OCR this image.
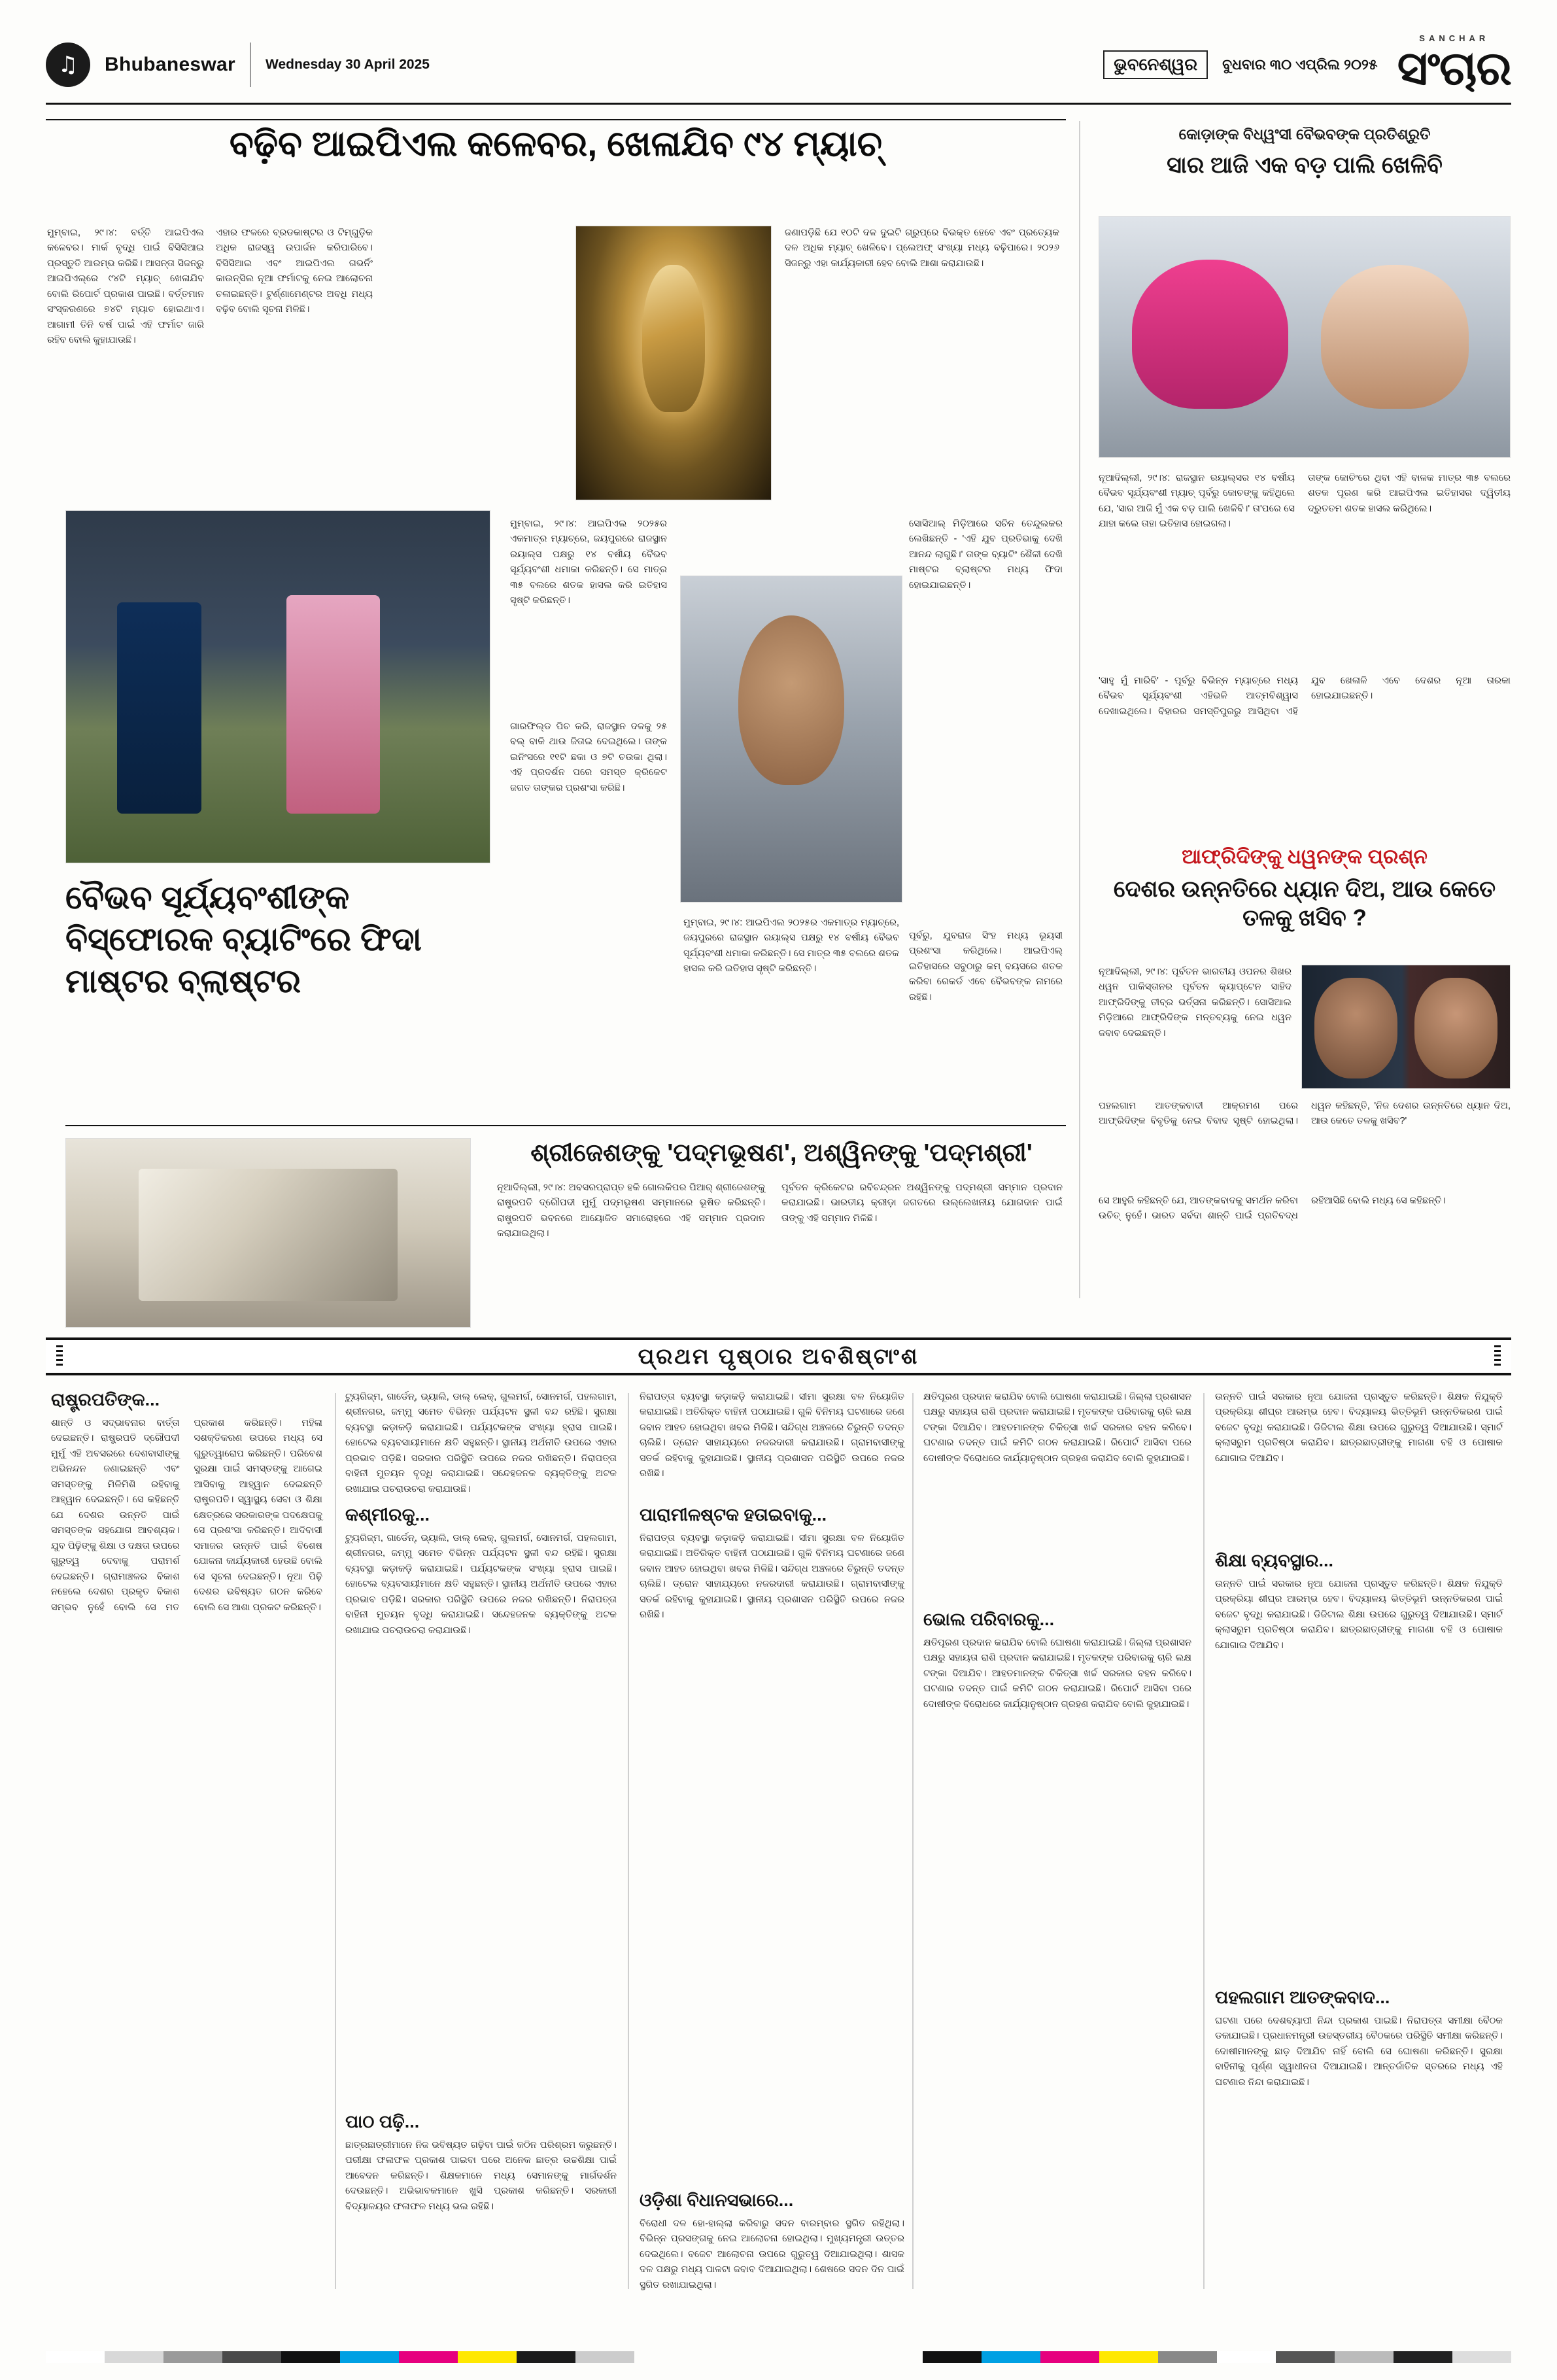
♫	Bhubaneswar	Wednesday 30 April 2025	ଭୁବନେଶ୍ୱର	ବୁଧବାର ୩୦ ଏପ୍ରିଲ ୨୦୨୫
SANCHAR
ସଂଚାର
ବଢ଼ିବ ଆଇପିଏଲ କଳେବର, ଖେଳାଯିବ ୯୪ ମ୍ୟାଚ୍
ମୁମ୍ବାଇ, ୨୯।୪: ବର୍ତ୍ତି ଆଇପିଏଲ କଳେବର। ମାର୍କ ବୃଦ୍ଧି ପାଇଁ ବିସିସିଆଇ ପ୍ରସ୍ତୁତି ଆରମ୍ଭ କରିଛି। ଆସନ୍ତା ସିଜନ୍‌ରୁ ଆଇପିଏଲ୍‌ରେ ୯୪ଟି ମ୍ୟାଚ୍ ଖେଳାଯିବ ବୋଲି ରିପୋର୍ଟ ପ୍ରକାଶ ପାଇଛି। ବର୍ତ୍ତମାନ ସଂସ୍କରଣରେ ୭୪ଟି ମ୍ୟାଚ ହୋଇଥାଏ। ଆଗାମୀ ତିନି ବର୍ଷ ପାଇଁ ଏହି ଫର୍ମାଟ ଜାରି ରହିବ ବୋଲି କୁହାଯାଉଛି।
ଏହାର ଫଳରେ ବ୍ରଡକାଷ୍ଟର ଓ ଟିମ୍‌ଗୁଡ଼ିକ ଅଧିକ ରାଜସ୍ୱ ଉପାର୍ଜନ କରିପାରିବେ। ବିସିସିଆଇ ଏବଂ ଆଇପିଏଲ ଗଭର୍ନିଂ କାଉନ୍ସିଲ ନୂଆ ଫର୍ମାଟକୁ ନେଇ ଆଲୋଚନା ଚଳାଇଛନ୍ତି। ଟୁର୍ଣ୍ଣାମେଣ୍ଟର ଅବଧି ମଧ୍ୟ ବଢ଼ିବ ବୋଲି ସୂଚନା ମିଳିଛି।
ଜଣାପଡ଼ିଛି ଯେ ୧୦ଟି ଦଳ ଦୁଇଟି ଗ୍ରୁପ୍‌ରେ ବିଭକ୍ତ ହେବେ ଏବଂ ପ୍ରତ୍ୟେକ ଦଳ ଅଧିକ ମ୍ୟାଚ୍ ଖେଳିବେ। ପ୍ଲେଅଫ୍ ସଂଖ୍ୟା ମଧ୍ୟ ବଢ଼ିପାରେ। ୨୦୨୬ ସିଜନ୍‌ରୁ ଏହା କାର୍ଯ୍ୟକାରୀ ହେବ ବୋଲି ଆଶା କରାଯାଉଛି।
ବୈଭବ ସୂର୍ଯ୍ୟବଂଶୀଙ୍କ ବିସ୍ଫୋରକ ବ୍ୟାଟିଂରେ ଫିଦା ମାଷ୍ଟର ବ୍ଲାଷ୍ଟର
ମୁମ୍ବାଇ, ୨୯।୪: ଆଇପିଏଲ ୨୦୨୫ର ଏକମାତ୍ର ମ୍ୟାଚ୍‌ରେ, ଜୟପୁରରେ ରାଜସ୍ଥାନ ରୟାଲ୍ସ ପକ୍ଷରୁ ୧୪ ବର୍ଷୀୟ ବୈଭବ ସୂର୍ଯ୍ୟବଂଶୀ ଧମାକା କରିଛନ୍ତି। ସେ ମାତ୍ର ୩୫ ବଲରେ ଶତକ ହାସଲ କରି ଇତିହାସ ସୃଷ୍ଟି କରିଛନ୍ତି।
ଗାରଫିଲ୍ଡ ପିଚ କରି, ରାଜସ୍ଥାନ ଦଳକୁ ୨୫ ବଲ୍ ବାକି ଥାଉ ଜିତାଇ ଦେଇଥିଲେ। ତାଙ୍କ ଇନିଂସରେ ୧୧ଟି ଛକା ଓ ୭ଟି ଚଉକା ଥିଲା। ଏହି ପ୍ରଦର୍ଶନ ପରେ ସମସ୍ତ କ୍ରିକେଟ ଜଗତ ତାଙ୍କର ପ୍ରଶଂସା କରିଛି।
ସୋସିଆଲ୍ ମିଡ଼ିଆରେ ସଚିନ ତେନ୍ଦୁଲକର ଲେଖିଛନ୍ତି - 'ଏହି ଯୁବ ପ୍ରତିଭାକୁ ଦେଖି ଆନନ୍ଦ ଲାଗୁଛି।' ତାଙ୍କ ବ୍ୟାଟିଂ ଶୈଳୀ ଦେଖି ମାଷ୍ଟର ବ୍ଲାଷ୍ଟର ମଧ୍ୟ ଫିଦା ହୋଇଯାଇଛନ୍ତି।
ପୂର୍ବରୁ, ଯୁବରାଜ ସିଂହ ମଧ୍ୟ ଭୂୟସୀ ପ୍ରଶଂସା କରିଥିଲେ। ଆଇପିଏଲ୍ ଇତିହାସରେ ସବୁଠାରୁ କମ୍ ବୟସରେ ଶତକ କରିବା ରେକର୍ଡ ଏବେ ବୈଭବଙ୍କ ନାମରେ ରହିଛି।
ମୁମ୍ବାଇ, ୨୯।୪: ଆଇପିଏଲ ୨୦୨୫ର ଏକମାତ୍ର ମ୍ୟାଚ୍‌ରେ, ଜୟପୁରରେ ରାଜସ୍ଥାନ ରୟାଲ୍ସ ପକ୍ଷରୁ ୧୪ ବର୍ଷୀୟ ବୈଭବ ସୂର୍ଯ୍ୟବଂଶୀ ଧମାକା କରିଛନ୍ତି। ସେ ମାତ୍ର ୩୫ ବଲରେ ଶତକ ହାସଲ କରି ଇତିହାସ ସୃଷ୍ଟି କରିଛନ୍ତି।
ଶ୍ରୀଜେଶଙ୍କୁ 'ପଦ୍ମଭୂଷଣ', ଅଶ୍ୱିନଙ୍କୁ 'ପଦ୍ମଶ୍ରୀ'
ନୂଆଦିଲ୍ଲୀ, ୨୯।୪: ଅବସରପ୍ରାପ୍ତ ହକି ଗୋଲକିପର ପିଆର୍ ଶ୍ରୀଜେଶଙ୍କୁ ରାଷ୍ଟ୍ରପତି ଦ୍ରୌପଦୀ ମୁର୍ମୁ ପଦ୍ମଭୂଷଣ ସମ୍ମାନରେ ଭୂଷିତ କରିଛନ୍ତି। ରାଷ୍ଟ୍ରପତି ଭବନରେ ଆୟୋଜିତ ସମାରୋହରେ ଏହି ସମ୍ମାନ ପ୍ରଦାନ କରାଯାଇଥିଲା।
ପୂର୍ବତନ କ୍ରିକେଟର ରବିଚନ୍ଦ୍ରନ ଅଶ୍ୱିନଙ୍କୁ ପଦ୍ମଶ୍ରୀ ସମ୍ମାନ ପ୍ରଦାନ କରାଯାଇଛି। ଭାରତୀୟ କ୍ରୀଡ଼ା ଜଗତରେ ଉଲ୍ଲେଖନୀୟ ଯୋଗଦାନ ପାଇଁ ତାଙ୍କୁ ଏହି ସମ୍ମାନ ମିଳିଛି।
କୋଡ଼ାଙ୍କ ବିଧ୍ୱଂସୀ ବୈଭବଙ୍କ ପ୍ରତିଶ୍ରୁତି
ସାର ଆଜି ଏକ ବଡ଼ ପାଲି ଖେଳିବି
ନୂଆଦିଲ୍ଲୀ, ୨୯।୪: ରାଜସ୍ଥାନ ରୟାଲ୍ସର ୧୪ ବର୍ଷୀୟ ବୈଭବ ସୂର୍ଯ୍ୟବଂଶୀ ମ୍ୟାଚ୍ ପୂର୍ବରୁ କୋଚଙ୍କୁ କହିଥିଲେ ଯେ, 'ସାର ଆଜି ମୁଁ ଏକ ବଡ଼ ପାଲି ଖେଳିବି।' ତା'ପରେ ସେ ଯାହା କଲେ ତାହା ଇତିହାସ ହୋଇଗଲା।
ତାଙ୍କ କୋଚିଂରେ ଥିବା ଏହି ବାଳକ ମାତ୍ର ୩୫ ବଲରେ ଶତକ ପୂରଣ କରି ଆଇପିଏଲ ଇତିହାସର ଦ୍ୱିତୀୟ ଦ୍ରୁତତମ ଶତକ ହାସଲ କରିଥିଲେ।
'ସାହୁ ମୁଁ ମାରିବି' - ପୂର୍ବରୁ ବିଭିନ୍ନ ମ୍ୟାଚ୍‌ରେ ମଧ୍ୟ ବୈଭବ ସୂର୍ଯ୍ୟବଂଶୀ ଏହିଭଳି ଆତ୍ମବିଶ୍ୱାସ ଦେଖାଇଥିଲେ। ବିହାରର ସମସ୍ତିପୁରରୁ ଆସିଥିବା ଏହି ଯୁବ ଖେଳାଳି ଏବେ ଦେଶର ନୂଆ ତାରକା ହୋଇଯାଇଛନ୍ତି।
ଆଫ୍ରିଦିଙ୍କୁ ଧୱନଙ୍କ ପ୍ରଶ୍ନ
ଦେଶର ଉନ୍ନତିରେ ଧ୍ୟାନ ଦିଅ, ଆଉ କେତେ ତଳକୁ ଖସିବ ?
ନୂଆଦିଲ୍ଲୀ, ୨୯।୪: ପୂର୍ବତନ ଭାରତୀୟ ଓପନର ଶିଖର ଧୱନ ପାକିସ୍ତାନର ପୂର୍ବତନ କ୍ୟାପ୍ଟେନ ସାହିଦ ଆଫ୍ରିଦିଙ୍କୁ ତୀବ୍ର ଭର୍ତ୍ସନା କରିଛନ୍ତି। ସୋସିଆଲ ମିଡ଼ିଆରେ ଆଫ୍ରିଦିଙ୍କ ମନ୍ତବ୍ୟକୁ ନେଇ ଧୱନ ଜବାବ ଦେଇଛନ୍ତି।
ପହଲଗାମ ଆତଙ୍କବାଦୀ ଆକ୍ରମଣ ପରେ ଆଫ୍ରିଦିଙ୍କ ବିବୃତିକୁ ନେଇ ବିବାଦ ସୃଷ୍ଟି ହୋଇଥିଲା। ଧୱନ କହିଛନ୍ତି, 'ନିଜ ଦେଶର ଉନ୍ନତିରେ ଧ୍ୟାନ ଦିଅ, ଆଉ କେତେ ତଳକୁ ଖସିବ?'
ସେ ଆହୁରି କହିଛନ୍ତି ଯେ, ଆତଙ୍କବାଦକୁ ସମର୍ଥନ କରିବା ଉଚିତ୍ ନୁହେଁ। ଭାରତ ସର୍ବଦା ଶାନ୍ତି ପାଇଁ ପ୍ରତିବଦ୍ଧ ରହିଆସିଛି ବୋଲି ମଧ୍ୟ ସେ କହିଛନ୍ତି।
ପ୍ରଥମ ପୃଷ୍ଠାର ଅବଶିଷ୍ଟାଂଶ
ରାଷ୍ଟ୍ରପତିଙ୍କ...
ଶାନ୍ତି ଓ ସଦ୍ଭାବନାର ବାର୍ତ୍ତା ଦେଇଛନ୍ତି। ରାଷ୍ଟ୍ରପତି ଦ୍ରୌପଦୀ ମୁର୍ମୁ ଏହି ଅବସରରେ ଦେଶବାସୀଙ୍କୁ ଅଭିନନ୍ଦନ ଜଣାଇଛନ୍ତି ଏବଂ ସମସ୍ତଙ୍କୁ ମିଳିମିଶି ରହିବାକୁ ଆହ୍ୱାନ ଦେଇଛନ୍ତି। ସେ କହିଛନ୍ତି ଯେ ଦେଶର ଉନ୍ନତି ପାଇଁ ସମସ୍ତଙ୍କ ସହଯୋଗ ଆବଶ୍ୟକ। ଯୁବ ପିଢ଼ିଙ୍କୁ ଶିକ୍ଷା ଓ ଦକ୍ଷତା ଉପରେ ଗୁରୁତ୍ୱ ଦେବାକୁ ପରାମର୍ଶ ଦେଇଛନ୍ତି। ଗ୍ରାମାଞ୍ଚଳର ବିକାଶ ନହେଲେ ଦେଶର ପ୍ରକୃତ ବିକାଶ ସମ୍ଭବ ନୁହେଁ ବୋଲି ସେ ମତ ପ୍ରକାଶ କରିଛନ୍ତି। ମହିଳା ସଶକ୍ତିକରଣ ଉପରେ ମଧ୍ୟ ସେ ଗୁରୁତ୍ୱାରୋପ କରିଛନ୍ତି। ପରିବେଶ ସୁରକ୍ଷା ପାଇଁ ସମସ୍ତଙ୍କୁ ଆଗେଇ ଆସିବାକୁ ଆହ୍ୱାନ ଦେଇଛନ୍ତି ରାଷ୍ଟ୍ରପତି। ସ୍ୱାସ୍ଥ୍ୟ ସେବା ଓ ଶିକ୍ଷା କ୍ଷେତ୍ରରେ ସରକାରଙ୍କ ପଦକ୍ଷେପକୁ ସେ ପ୍ରଶଂସା କରିଛନ୍ତି। ଆଦିବାସୀ ସମାଜର ଉନ୍ନତି ପାଇଁ ବିଶେଷ ଯୋଜନା କାର୍ଯ୍ୟକାରୀ ହେଉଛି ବୋଲି ସେ ସୂଚନା ଦେଇଛନ୍ତି। ନୂଆ ପିଢ଼ି ଦେଶର ଭବିଷ୍ୟତ ଗଠନ କରିବେ ବୋଲି ସେ ଆଶା ପ୍ରକଟ କରିଛନ୍ତି।
ଟ୍ୟୁରିଜ୍ମ, ଗାର୍ଡେନ୍, ଭ୍ୟାଲି, ଡାଲ୍ ଲେକ୍, ଗୁଲମର୍ଗ, ସୋନମର୍ଗ, ପହଲଗାମ, ଶ୍ରୀନଗର, ଜମ୍ମୁ ସମେତ ବିଭିନ୍ନ ପର୍ଯ୍ୟଟନ ସ୍ଥଳୀ ବନ୍ଦ ରହିଛି। ସୁରକ୍ଷା ବ୍ୟବସ୍ଥା କଡ଼ାକଡ଼ି କରାଯାଇଛି। ପର୍ଯ୍ୟଟକଙ୍କ ସଂଖ୍ୟା ହ୍ରାସ ପାଇଛି। ହୋଟେଲ ବ୍ୟବସାୟୀମାନେ କ୍ଷତି ସହୁଛନ୍ତି। ସ୍ଥାନୀୟ ଅର୍ଥନୀତି ଉପରେ ଏହାର ପ୍ରଭାବ ପଡ଼ିଛି। ସରକାର ପରିସ୍ଥିତି ଉପରେ ନଜର ରଖିଛନ୍ତି। ନିରାପତ୍ତା ବାହିନୀ ମୁତୟନ ବୃଦ୍ଧି କରାଯାଇଛି। ସନ୍ଦେହଜନକ ବ୍ୟକ୍ତିଙ୍କୁ ଅଟକ ରଖାଯାଇ ପଚରାଉଚରା କରାଯାଉଛି।
କଶ୍ମୀରକୁ...
ଟ୍ୟୁରିଜ୍ମ, ଗାର୍ଡେନ୍, ଭ୍ୟାଲି, ଡାଲ୍ ଲେକ୍, ଗୁଲମର୍ଗ, ସୋନମର୍ଗ, ପହଲଗାମ, ଶ୍ରୀନଗର, ଜମ୍ମୁ ସମେତ ବିଭିନ୍ନ ପର୍ଯ୍ୟଟନ ସ୍ଥଳୀ ବନ୍ଦ ରହିଛି। ସୁରକ୍ଷା ବ୍ୟବସ୍ଥା କଡ଼ାକଡ଼ି କରାଯାଇଛି। ପର୍ଯ୍ୟଟକଙ୍କ ସଂଖ୍ୟା ହ୍ରାସ ପାଇଛି। ହୋଟେଲ ବ୍ୟବସାୟୀମାନେ କ୍ଷତି ସହୁଛନ୍ତି। ସ୍ଥାନୀୟ ଅର୍ଥନୀତି ଉପରେ ଏହାର ପ୍ରଭାବ ପଡ଼ିଛି। ସରକାର ପରିସ୍ଥିତି ଉପରେ ନଜର ରଖିଛନ୍ତି। ନିରାପତ୍ତା ବାହିନୀ ମୁତୟନ ବୃଦ୍ଧି କରାଯାଇଛି। ସନ୍ଦେହଜନକ ବ୍ୟକ୍ତିଙ୍କୁ ଅଟକ ରଖାଯାଇ ପଚରାଉଚରା କରାଯାଉଛି।
ପାଠ ପଢ଼ି...
ଛାତ୍ରଛାତ୍ରୀମାନେ ନିଜ ଭବିଷ୍ୟତ ଗଢ଼ିବା ପାଇଁ କଠିନ ପରିଶ୍ରମ କରୁଛନ୍ତି। ପରୀକ୍ଷା ଫଳାଫଳ ପ୍ରକାଶ ପାଇବା ପରେ ଅନେକ ଛାତ୍ର ଉଚ୍ଚଶିକ୍ଷା ପାଇଁ ଆବେଦନ କରିଛନ୍ତି। ଶିକ୍ଷକମାନେ ମଧ୍ୟ ସେମାନଙ୍କୁ ମାର୍ଗଦର୍ଶନ ଦେଉଛନ୍ତି। ଅଭିଭାବକମାନେ ଖୁସି ପ୍ରକାଶ କରିଛନ୍ତି। ସରକାରୀ ବିଦ୍ୟାଳୟର ଫଳାଫଳ ମଧ୍ୟ ଭଲ ରହିଛି।
ନିରାପତ୍ତା ବ୍ୟବସ୍ଥା କଡ଼ାକଡ଼ି କରାଯାଇଛି। ସୀମା ସୁରକ୍ଷା ବଳ ନିୟୋଜିତ କରାଯାଇଛି। ଅତିରିକ୍ତ ବାହିନୀ ପଠାଯାଇଛି। ଗୁଳି ବିନିମୟ ଘଟଣାରେ ଜଣେ ଜବାନ ଆହତ ହୋଇଥିବା ଖବର ମିଳିଛି। ସନ୍ଦିଗ୍ଧ ଅଞ୍ଚଳରେ ଚିରୁନ୍ତି ତଦନ୍ତ ଚାଲିଛି। ଡ୍ରୋନ ସାହାଯ୍ୟରେ ନଜରଦାରୀ କରାଯାଉଛି। ଗ୍ରାମବାସୀଙ୍କୁ ସତର୍କ ରହିବାକୁ କୁହାଯାଇଛି। ସ୍ଥାନୀୟ ପ୍ରଶାସନ ପରିସ୍ଥିତି ଉପରେ ନଜର ରଖିଛି।
ପାରାମୀଳଷ୍ଟକ ହତାଇବାକୁ...
ନିରାପତ୍ତା ବ୍ୟବସ୍ଥା କଡ଼ାକଡ଼ି କରାଯାଇଛି। ସୀମା ସୁରକ୍ଷା ବଳ ନିୟୋଜିତ କରାଯାଇଛି। ଅତିରିକ୍ତ ବାହିନୀ ପଠାଯାଇଛି। ଗୁଳି ବିନିମୟ ଘଟଣାରେ ଜଣେ ଜବାନ ଆହତ ହୋଇଥିବା ଖବର ମିଳିଛି। ସନ୍ଦିଗ୍ଧ ଅଞ୍ଚଳରେ ଚିରୁନ୍ତି ତଦନ୍ତ ଚାଲିଛି। ଡ୍ରୋନ ସାହାଯ୍ୟରେ ନଜରଦାରୀ କରାଯାଉଛି। ଗ୍ରାମବାସୀଙ୍କୁ ସତର୍କ ରହିବାକୁ କୁହାଯାଇଛି। ସ୍ଥାନୀୟ ପ୍ରଶାସନ ପରିସ୍ଥିତି ଉପରେ ନଜର ରଖିଛି।
ଓଡ଼ିଶା ବିଧାନସଭାରେ...
ବିରୋଧୀ ଦଳ ହୋ-ହାଲ୍ଲା କରିବାରୁ ସଦନ ବାରମ୍ବାର ସ୍ଥଗିତ ରହିଥିଲା। ବିଭିନ୍ନ ପ୍ରସଙ୍ଗକୁ ନେଇ ଆଲୋଚନା ହୋଇଥିଲା। ମୁଖ୍ୟମନ୍ତ୍ରୀ ଉତ୍ତର ଦେଇଥିଲେ। ବଜେଟ ଆଲୋଚନା ଉପରେ ଗୁରୁତ୍ୱ ଦିଆଯାଇଥିଲା। ଶାସକ ଦଳ ପକ୍ଷରୁ ମଧ୍ୟ ପାଳଟା ଜବାବ ଦିଆଯାଇଥିଲା। ଶେଷରେ ସଦନ ଦିନ ପାଇଁ ସ୍ଥଗିତ ରଖାଯାଇଥିଲା।
କ୍ଷତିପୂରଣ ପ୍ରଦାନ କରାଯିବ ବୋଲି ଘୋଷଣା କରାଯାଇଛି। ଜିଲ୍ଲା ପ୍ରଶାସନ ପକ୍ଷରୁ ସହାୟତା ରାଶି ପ୍ରଦାନ କରାଯାଇଛି। ମୃତକଙ୍କ ପରିବାରକୁ ଚାରି ଲକ୍ଷ ଟଙ୍କା ଦିଆଯିବ। ଆହତମାନଙ୍କ ଚିକିତ୍ସା ଖର୍ଚ୍ଚ ସରକାର ବହନ କରିବେ। ଘଟଣାର ତଦନ୍ତ ପାଇଁ କମିଟି ଗଠନ କରାଯାଇଛି। ରିପୋର୍ଟ ଆସିବା ପରେ ଦୋଷୀଙ୍କ ବିରୋଧରେ କାର୍ଯ୍ୟାନୁଷ୍ଠାନ ଗ୍ରହଣ କରାଯିବ ବୋଲି କୁହାଯାଇଛି।
ଭୋଲ ପରିବାରକୁ...
କ୍ଷତିପୂରଣ ପ୍ରଦାନ କରାଯିବ ବୋଲି ଘୋଷଣା କରାଯାଇଛି। ଜିଲ୍ଲା ପ୍ରଶାସନ ପକ୍ଷରୁ ସହାୟତା ରାଶି ପ୍ରଦାନ କରାଯାଇଛି। ମୃତକଙ୍କ ପରିବାରକୁ ଚାରି ଲକ୍ଷ ଟଙ୍କା ଦିଆଯିବ। ଆହତମାନଙ୍କ ଚିକିତ୍ସା ଖର୍ଚ୍ଚ ସରକାର ବହନ କରିବେ। ଘଟଣାର ତଦନ୍ତ ପାଇଁ କମିଟି ଗଠନ କରାଯାଇଛି। ରିପୋର୍ଟ ଆସିବା ପରେ ଦୋଷୀଙ୍କ ବିରୋଧରେ କାର୍ଯ୍ୟାନୁଷ୍ଠାନ ଗ୍ରହଣ କରାଯିବ ବୋଲି କୁହାଯାଇଛି।
ଉନ୍ନତି ପାଇଁ ସରକାର ନୂଆ ଯୋଜନା ପ୍ରସ୍ତୁତ କରିଛନ୍ତି। ଶିକ୍ଷକ ନିଯୁକ୍ତି ପ୍ରକ୍ରିୟା ଶୀଘ୍ର ଆରମ୍ଭ ହେବ। ବିଦ୍ୟାଳୟ ଭିତ୍ତିଭୂମି ଉନ୍ନତିକରଣ ପାଇଁ ବଜେଟ ବୃଦ୍ଧି କରାଯାଇଛି। ଡିଜିଟାଲ ଶିକ୍ଷା ଉପରେ ଗୁରୁତ୍ୱ ଦିଆଯାଉଛି। ସ୍ମାର୍ଟ କ୍ଲାସରୁମ ପ୍ରତିଷ୍ଠା କରାଯିବ। ଛାତ୍ରଛାତ୍ରୀଙ୍କୁ ମାଗଣା ବହି ଓ ପୋଷାକ ଯୋଗାଇ ଦିଆଯିବ।
ଶିକ୍ଷା ବ୍ୟବସ୍ଥାର...
ଉନ୍ନତି ପାଇଁ ସରକାର ନୂଆ ଯୋଜନା ପ୍ରସ୍ତୁତ କରିଛନ୍ତି। ଶିକ୍ଷକ ନିଯୁକ୍ତି ପ୍ରକ୍ରିୟା ଶୀଘ୍ର ଆରମ୍ଭ ହେବ। ବିଦ୍ୟାଳୟ ଭିତ୍ତିଭୂମି ଉନ୍ନତିକରଣ ପାଇଁ ବଜେଟ ବୃଦ୍ଧି କରାଯାଇଛି। ଡିଜିଟାଲ ଶିକ୍ଷା ଉପରେ ଗୁରୁତ୍ୱ ଦିଆଯାଉଛି। ସ୍ମାର୍ଟ କ୍ଲାସରୁମ ପ୍ରତିଷ୍ଠା କରାଯିବ। ଛାତ୍ରଛାତ୍ରୀଙ୍କୁ ମାଗଣା ବହି ଓ ପୋଷାକ ଯୋଗାଇ ଦିଆଯିବ।
ପହଲଗାମ ଆତଙ୍କବାଦ...
ଘଟଣା ପରେ ଦେଶବ୍ୟାପୀ ନିନ୍ଦା ପ୍ରକାଶ ପାଇଛି। ନିରାପତ୍ତା ସମୀକ୍ଷା ବୈଠକ ଡକାଯାଇଛି। ପ୍ରଧାନମନ୍ତ୍ରୀ ଉଚ୍ଚସ୍ତରୀୟ ବୈଠକରେ ପରିସ୍ଥିତି ସମୀକ୍ଷା କରିଛନ୍ତି। ଦୋଷୀମାନଙ୍କୁ ଛାଡ଼ ଦିଆଯିବ ନାହିଁ ବୋଲି ସେ ଘୋଷଣା କରିଛନ୍ତି। ସୁରକ୍ଷା ବାହିନୀକୁ ପୂର୍ଣ୍ଣ ସ୍ୱାଧୀନତା ଦିଆଯାଇଛି। ଆନ୍ତର୍ଜାତିକ ସ୍ତରରେ ମଧ୍ୟ ଏହି ଘଟଣାର ନିନ୍ଦା କରାଯାଇଛି।
